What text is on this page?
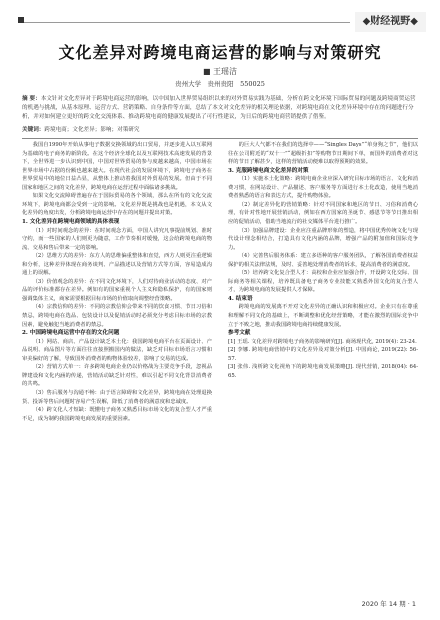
◆财经视野◆
文化差异对跨境电商运营的影响与对策研究
■ 王瑶洁
贵州大学　贵州贵阳　550025
摘 要：本文针对文化差异对于跨境电商运营的影响，以中国加入世界贸易组织以来的对外贸易实践为基础，分析在跨文化环境下国际贸易的问题及跨境商贸运营的机遇与挑战，从基本原理、运营方式、营销策略、自身条件等方面，总结了本文对文化差异的相关理论依据，对跨境电商在文化差异环境中存在的问题进行分析，并对如何建立更好的跨文化交流体系、推动跨境电商的健康发展提出了可行性建议，为日后的跨境电商营销提供了借鉴。
关键词：跨境电商；文化差异；影响；对策研究

我国自1990年开始从事电子数据交换领域的出口贸易，并逐步进入以互联网为基础的电子商务的新阶段。在这个经济全球化以及互联网技术高速发展的背景下，全世界进一步认识到中国，中国对世界贸易的参与度越来越高，中国市场在世界市场中占据的份额也越来越大。在现代社会的发展环境下，跨境电子商务在世界贸易中的地位日益凸显，从整体上推动着我国对外贸易的发展。但由于不同国家和地区之间的文化差异，跨境电商在运营过程中面临诸多挑战。

如果文化交流障碍普遍存在于国际贸易的各个领域，那么在所有的文化交流环境下，跨境电商都会受到一定的影响。文化差异既是挑战也是机遇，本文从文化差异的角度出发，分析跨境电商运营中存在的问题并提出对策。

1. 文化差异在跨境电商领域的具体表现

（1）对时间观念的差异：在时间观念方面，中国人讲究凡事提前规划、准时守约，而一些国家的人们则更为随意，工作节奏相对缓慢，这会给跨境电商的物流、交易和售后带来一定的影响。

（2）思维方式的差异：东方人的思维偏重整体和直觉，西方人则更注重逻辑和分析，这种差异体现在商务谈判、产品描述以及营销方式等方面，容易造成沟通上的误解。

（3）价值观念的差异：在不同文化环境下，人们对待商业活动的态度、对产品的评价标准都存在差异。例如有的国家重视个人主义和隐私保护，有的国家则强调集体主义，商家需要根据目标市场的价值取向调整经营策略。

（4）宗教信仰的差异：不同的宗教信仰会带来不同的饮食习惯、节日习俗和禁忌，跨境电商在选品、包装设计以及促销活动时必须充分考虑目标市场的宗教因素，避免触犯当地消费者的禁忌。

2. 中国跨境电商运营中存在的文化问题

（1）网站、商店、产品设计缺乏本土化：我国跨境电商平台在页面设计、产品说明、商品图片等方面往往直接照搬国内的做法，缺乏对目标市场语言习惯和审美偏好的了解，导致国外消费者的购物体验较差，影响了交易的达成。

（2）营销方式单一：许多跨境电商企业仍以价格战为主要竞争手段，忽视品牌建设和文化内涵的传递，营销活动缺乏针对性，难以引起不同文化背景消费者的共鸣。

（3）售后服务与沟通不畅：由于语言障碍和文化差异，跨境电商在处理退换货、投诉等售后问题时容易产生误解，降低了消费者的满意度和忠诚度。

（4）跨文化人才短缺：既懂电子商务又熟悉目标市场文化的复合型人才严重不足，成为制约我国跨境电商发展的重要因素。

的巨大人气都不在我们的选择中——“Singles Days”“单身狗之节”，他们以往在公司附近的“双十一”“超级折扣”等购物节日期间下单，而国外的消费者对这样的节日了解甚少，这样的营销活动便难以取得预期的效果。

3. 克服跨境电商文化差异的对策

（1）实施本土化策略：跨境电商企业应深入研究目标市场的语言、文化和消费习惯，在网站设计、产品描述、客户服务等方面进行本土化改造，使用当地消费者熟悉的语言和表达方式，提升购物体验。

（2）制定差异化的营销策略：针对不同国家和地区的节日、习俗和消费心理，有针对性地开展营销活动，例如在西方国家的圣诞节、感恩节等节日推出相应的促销活动，借助当地流行的社交媒体平台进行推广。

（3）加强品牌建设：企业应注重品牌形象的塑造，将中国优秀传统文化与现代设计理念相结合，打造具有文化内涵的品牌，增强产品的附加值和国际竞争力。

（4）完善售后服务体系：建立多语种的客户服务团队，了解各国消费者权益保护的相关法律法规，及时、妥善地处理消费者的诉求，提高消费者的满意度。

（5）培养跨文化复合型人才：高校和企业应加强合作，开设跨文化交际、国际商务等相关课程，培养既具备电子商务专业技能又熟悉外国文化的复合型人才，为跨境电商的发展提供人才保障。

4. 结束语

跨境电商的发展离不开对文化差异的正确认识和积极应对。企业只有在尊重和理解不同文化的基础上，不断调整和优化经营策略，才能在激烈的国际竞争中立于不败之地，推动我国跨境电商持续健康发展。

参考文献

[1] 王瑶. 文化差异对跨境电子商务的影响研究[J]. 商场现代化, 2019(4): 23-24.

[2] 李娜. 跨境电商营销中的文化差异及对策分析[J]. 中国商论, 2019(22): 56-57.

[3] 张伟. 浅析跨文化视角下的跨境电商发展策略[J]. 现代营销, 2018(04): 64-65.

2020 年 14 期 · 1
